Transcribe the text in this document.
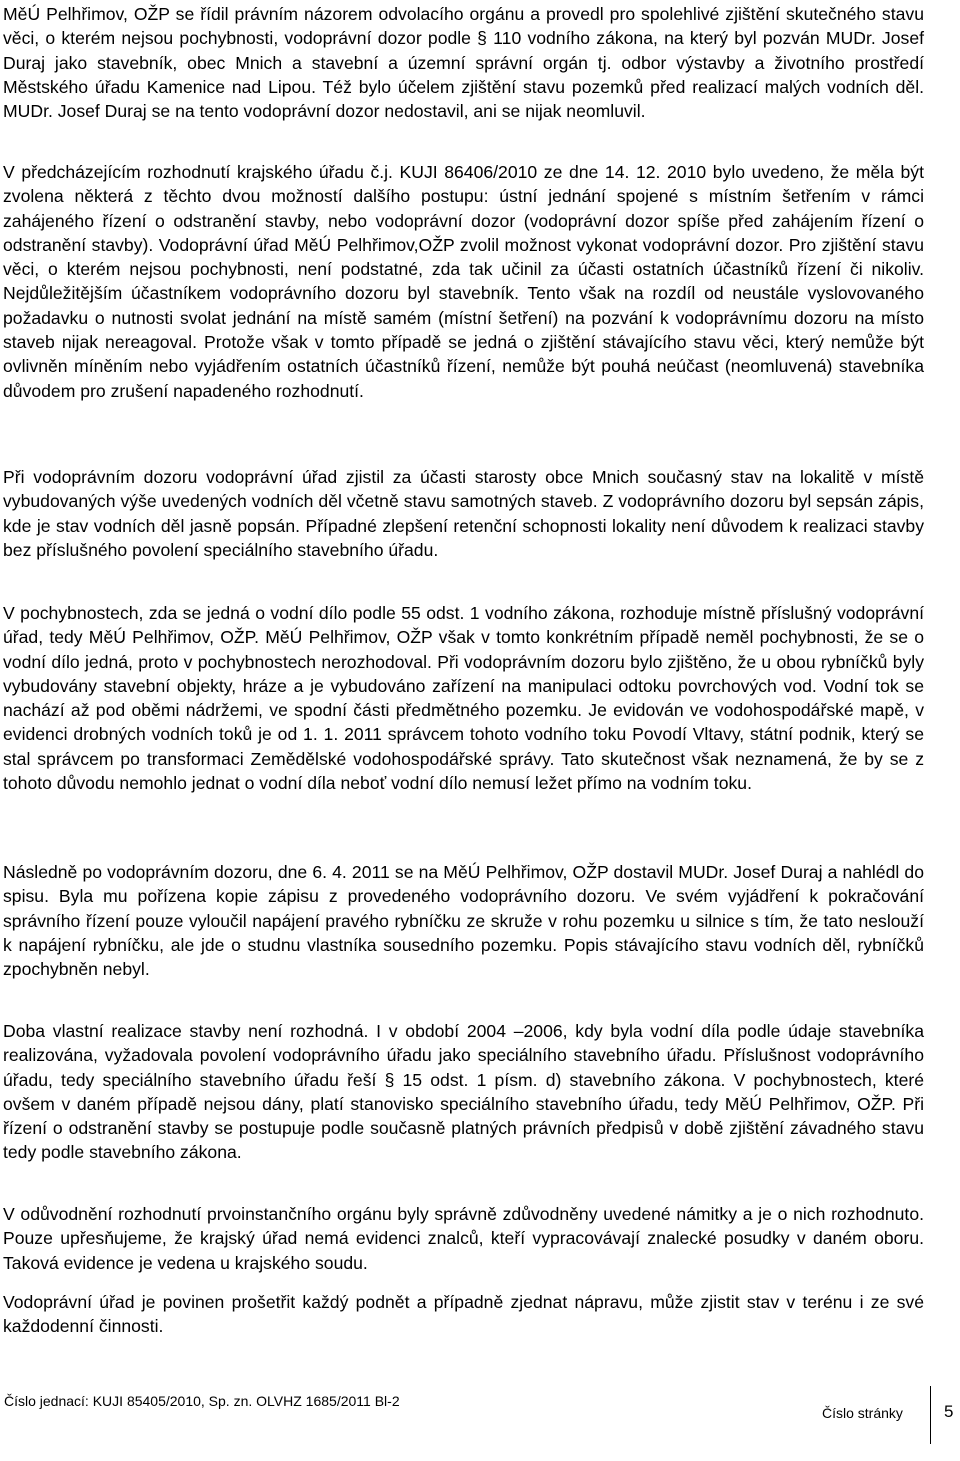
MěÚ Pelhřimov, OŽP se řídil právním názorem odvolacího orgánu a provedl pro spolehlivé zjištění skutečného stavu věci, o kterém nejsou pochybnosti, vodoprávní dozor podle § 110 vodního zákona, na který byl pozván MUDr. Josef Duraj jako stavebník, obec Mnich a stavební a územní správní orgán tj. odbor výstavby a životního prostředí Městského úřadu Kamenice nad Lipou. Též bylo účelem zjištění stavu pozemků před realizací malých vodních děl. MUDr. Josef Duraj se na tento vodoprávní dozor nedostavil, ani se nijak neomluvil.

V předcházejícím rozhodnutí krajského úřadu č.j. KUJI 86406/2010 ze dne 14. 12. 2010 bylo uvedeno, že měla být zvolena některá z těchto dvou možností dalšího postupu: ústní jednání spojené s místním šetřením v rámci zahájeného řízení o odstranění stavby, nebo vodoprávní dozor (vodoprávní dozor spíše před zahájením řízení o odstranění stavby). Vodoprávní úřad MěÚ Pelhřimov,OŽP zvolil možnost vykonat vodoprávní dozor. Pro zjištění stavu věci, o kterém nejsou pochybnosti, není podstatné, zda tak učinil za účasti ostatních účastníků řízení či nikoliv. Nejdůležitějším účastníkem vodoprávního dozoru byl stavebník. Tento však na rozdíl od neustále vyslovovaného požadavku o nutnosti svolat jednání na místě samém (místní šetření) na pozvání k vodoprávnímu dozoru na místo staveb nijak nereagoval. Protože však v tomto případě se jedná o zjištění stávajícího stavu věci, který nemůže být ovlivněn míněním nebo vyjádřením ostatních účastníků řízení, nemůže být pouhá neúčast (neomluvená) stavebníka důvodem pro zrušení napadeného rozhodnutí.

Při vodoprávním dozoru vodoprávní úřad zjistil za účasti starosty obce Mnich současný stav na lokalitě v místě vybudovaných výše uvedených vodních děl včetně stavu samotných staveb. Z vodoprávního dozoru byl sepsán zápis, kde je stav vodních děl jasně popsán. Případné zlepšení retenční schopnosti lokality není důvodem k realizaci stavby bez příslušného povolení speciálního stavebního úřadu.

V pochybnostech, zda se jedná o vodní dílo podle 55 odst. 1 vodního zákona, rozhoduje místně příslušný vodoprávní úřad, tedy MěÚ Pelhřimov, OŽP. MěÚ Pelhřimov, OŽP však v tomto konkrétním případě neměl pochybnosti, že se o vodní dílo jedná, proto v pochybnostech nerozhodoval. Při vodoprávním dozoru bylo zjištěno, že u obou rybníčků byly vybudovány stavební objekty, hráze a je vybudováno zařízení na manipulaci odtoku povrchových vod. Vodní tok se nachází až pod oběmi nádržemi, ve spodní části předmětného pozemku. Je evidován ve vodohospodářské mapě, v evidenci drobných vodních toků je od 1. 1. 2011 správcem tohoto vodního toku Povodí Vltavy, státní podnik, který se stal správcem po transformaci Zemědělské vodohospodářské správy. Tato skutečnost však neznamená, že by se z tohoto důvodu nemohlo jednat o vodní díla neboť vodní dílo nemusí ležet přímo na vodním toku.

Následně po vodoprávním dozoru, dne 6. 4. 2011 se na MěÚ Pelhřimov, OŽP dostavil MUDr. Josef Duraj a nahlédl do spisu. Byla mu pořízena kopie zápisu z provedeného vodoprávního dozoru. Ve svém vyjádření k pokračování správního řízení pouze vyloučil napájení pravého rybníčku ze skruže v rohu pozemku u silnice s tím, že tato neslouží k napájení rybníčku, ale jde o studnu vlastníka sousedního pozemku. Popis stávajícího stavu vodních děl, rybníčků zpochybněn nebyl.

Doba vlastní realizace stavby není rozhodná. I v období 2004 –2006, kdy byla vodní díla podle údaje stavebníka realizována, vyžadovala povolení vodoprávního úřadu jako speciálního stavebního úřadu. Příslušnost vodoprávního úřadu, tedy speciálního stavebního úřadu řeší § 15 odst. 1 písm. d) stavebního zákona. V pochybnostech, které ovšem v daném případě nejsou dány, platí stanovisko speciálního stavebního úřadu, tedy MěÚ Pelhřimov, OŽP. Při řízení o odstranění stavby se postupuje podle současně platných právních předpisů v době zjištění závadného stavu tedy podle stavebního zákona.

V odůvodnění rozhodnutí prvoinstančního orgánu byly správně zdůvodněny uvedené námitky a je o nich rozhodnuto. Pouze upřesňujeme, že krajský úřad nemá evidenci znalců, kteří vypracovávají znalecké posudky v daném oboru. Taková evidence je vedena u krajského soudu.

Vodoprávní úřad je povinen prošetřit každý podnět a případně zjednat nápravu, může zjistit stav v terénu i ze své každodenní činnosti.

Číslo jednací: KUJI 85405/2010, Sp. zn. OLVHZ 1685/2011 Bl-2
Číslo stránky 5
